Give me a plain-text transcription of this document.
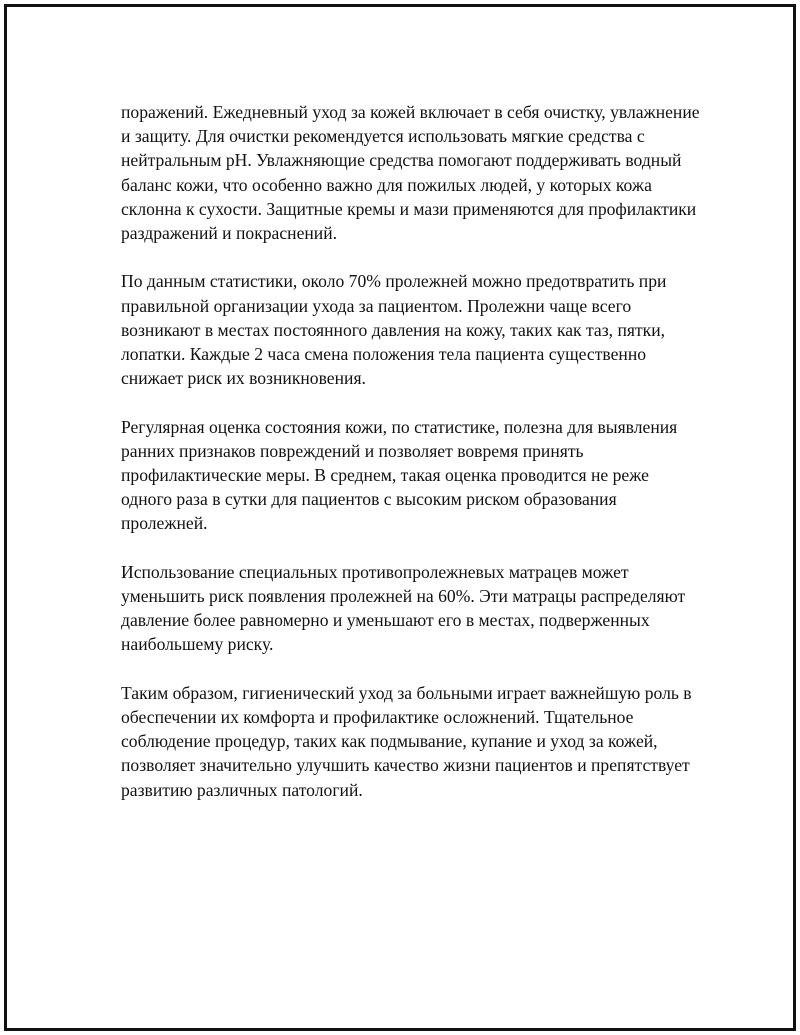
поражений. Ежедневный уход за кожей включает в себя очистку, увлажнение и защиту. Для очистки рекомендуется использовать мягкие средства с нейтральным pH. Увлажняющие средства помогают поддерживать водный баланс кожи, что особенно важно для пожилых людей, у которых кожа склонна к сухости. Защитные кремы и мази применяются для профилактики раздражений и покраснений.

По данным статистики, около 70% пролежней можно предотвратить при правильной организации ухода за пациентом. Пролежни чаще всего возникают в местах постоянного давления на кожу, таких как таз, пятки, лопатки. Каждые 2 часа смена положения тела пациента существенно снижает риск их возникновения.

Регулярная оценка состояния кожи, по статистике, полезна для выявления ранних признаков повреждений и позволяет вовремя принять профилактические меры. В среднем, такая оценка проводится не реже одного раза в сутки для пациентов с высоким риском образования пролежней.

Использование специальных противопролежневых матрацев может уменьшить риск появления пролежней на 60%. Эти матрацы распределяют давление более равномерно и уменьшают его в местах, подверженных наибольшему риску.

Таким образом, гигиенический уход за больными играет важнейшую роль в обеспечении их комфорта и профилактике осложнений. Тщательное соблюдение процедур, таких как подмывание, купание и уход за кожей, позволяет значительно улучшить качество жизни пациентов и препятствует развитию различных патологий.
